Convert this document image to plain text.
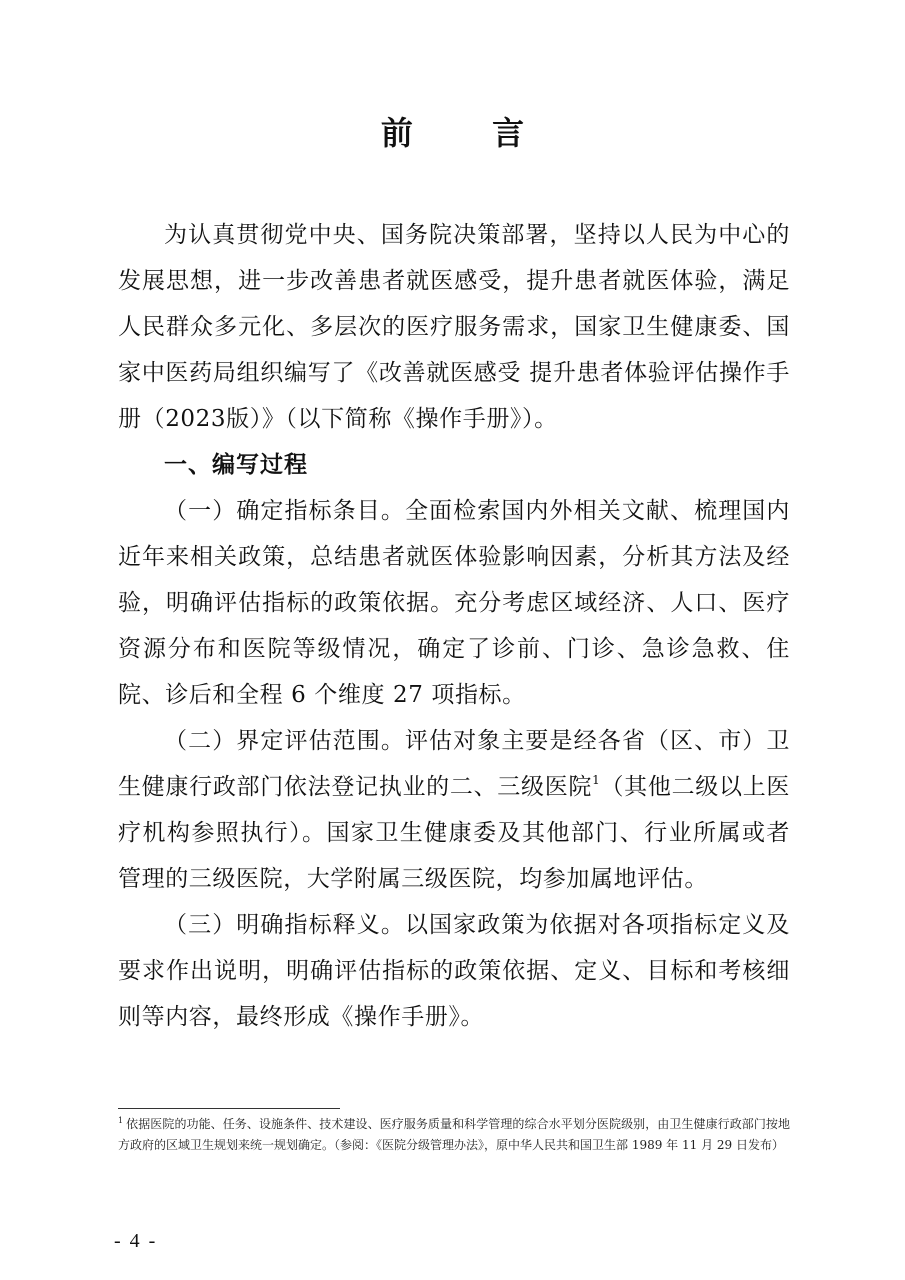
前 言

为认真贯彻党中央、国务院决策部署，坚持以人民为中心的发展思想，进一步改善患者就医感受，提升患者就医体验，满足人民群众多元化、多层次的医疗服务需求，国家卫生健康委、国家中医药局组织编写了《改善就医感受 提升患者体验评估操作手册（2023版）》（以下简称《操作手册》）。

一、编写过程

（一）确定指标条目。全面检索国内外相关文献、梳理国内近年来相关政策，总结患者就医体验影响因素，分析其方法及经验，明确评估指标的政策依据。充分考虑区域经济、人口、医疗资源分布和医院等级情况，确定了诊前、门诊、急诊急救、住院、诊后和全程 6 个维度 27 项指标。

（二）界定评估范围。评估对象主要是经各省（区、市）卫生健康行政部门依法登记执业的二、三级医院$^1$（其他二级以上医疗机构参照执行）。国家卫生健康委及其他部门、行业所属或者管理的三级医院，大学附属三级医院，均参加属地评估。

（三）明确指标释义。以国家政策为依据对各项指标定义及要求作出说明，明确评估指标的政策依据、定义、目标和考核细则等内容，最终形成《操作手册》。

$^1$ 依据医院的功能、任务、设施条件、技术建设、医疗服务质量和科学管理的综合水平划分医院级别，由卫生健康行政部门按地方政府的区域卫生规划来统一规划确定。（参阅：《医院分级管理办法》，原中华人民共和国卫生部 1989 年 11 月 29 日发布）
- 4 -
